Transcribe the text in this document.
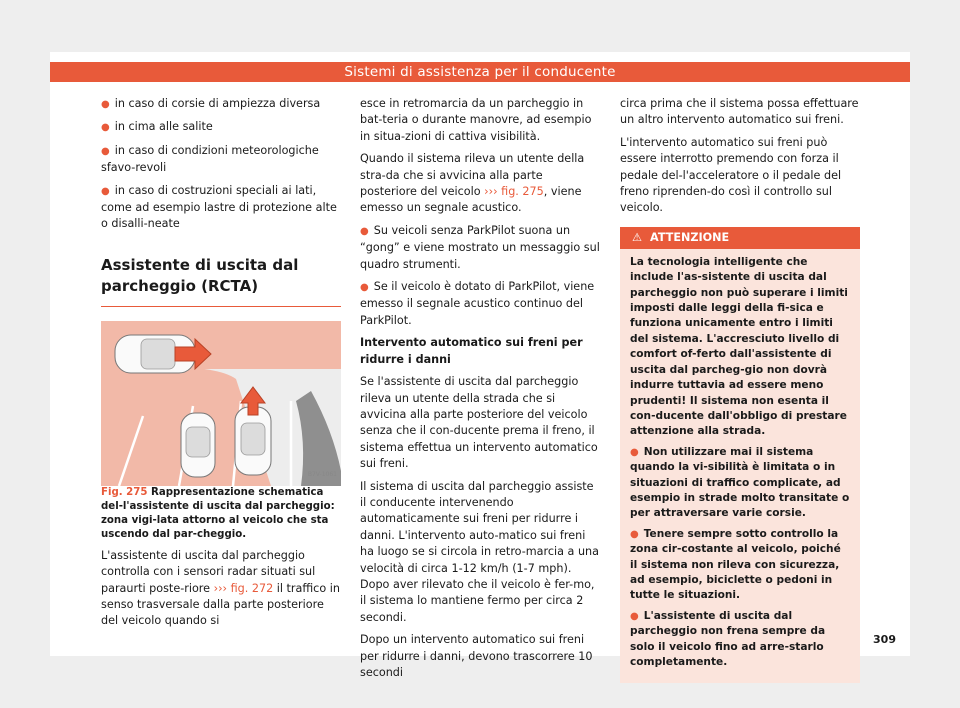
Sistemi di assistenza per il conducente

● in caso di corsie di ampiezza diversa

● in cima alle salite

● in caso di condizioni meteorologiche sfavo-revoli

● in caso di costruzioni speciali ai lati, come ad esempio lastre di protezione alte o disalli-neate

Assistente di uscita dal parcheggio (RCTA)
B7V-1061

Fig. 275 Rappresentazione schematica del-l'assistente di uscita dal parcheggio: zona vigi-lata attorno al veicolo che sta uscendo dal par-cheggio.

L'assistente di uscita dal parcheggio controlla con i sensori radar situati sul paraurti poste-riore ››› fig. 272 il traffico in senso trasversale dalla parte posteriore del veicolo quando si

esce in retromarcia da un parcheggio in bat-teria o durante manovre, ad esempio in situa-zioni di cattiva visibilità.

Quando il sistema rileva un utente della stra-da che si avvicina alla parte posteriore del veicolo ››› fig. 275, viene emesso un segnale acustico.

● Su veicoli senza ParkPilot suona un “gong” e viene mostrato un messaggio sul quadro strumenti.

● Se il veicolo è dotato di ParkPilot, viene emesso il segnale acustico continuo del ParkPilot.

Intervento automatico sui freni per ridurre i danni

Se l'assistente di uscita dal parcheggio rileva un utente della strada che si avvicina alla parte posteriore del veicolo senza che il con-ducente prema il freno, il sistema effettua un intervento automatico sui freni.

Il sistema di uscita dal parcheggio assiste il conducente intervenendo automaticamente sui freni per ridurre i danni. L'intervento auto-matico sui freni ha luogo se si circola in retro-marcia a una velocità di circa 1-12 km/h (1-7 mph). Dopo aver rilevato che il veicolo è fer-mo, il sistema lo mantiene fermo per circa 2 secondi.

Dopo un intervento automatico sui freni per ridurre i danni, devono trascorrere 10 secondi

circa prima che il sistema possa effettuare un altro intervento automatico sui freni.

L'intervento automatico sui freni può essere interrotto premendo con forza il pedale del-l'acceleratore o il pedale del freno riprenden-do così il controllo sul veicolo.

⚠ ATTENZIONE

La tecnologia intelligente che include l'as-sistente di uscita dal parcheggio non può superare i limiti imposti dalle leggi della fi-sica e funziona unicamente entro i limiti del sistema. L'accresciuto livello di comfort of-ferto dall'assistente di uscita dal parcheg-gio non dovrà indurre tuttavia ad essere meno prudenti! Il sistema non esenta il con-ducente dall'obbligo di prestare attenzione alla strada.

● Non utilizzare mai il sistema quando la vi-sibilità è limitata o in situazioni di traffico complicate, ad esempio in strade molto transitate o per attraversare varie corsie.

● Tenere sempre sotto controllo la zona cir-costante al veicolo, poiché il sistema non rileva con sicurezza, ad esempio, biciclette o pedoni in tutte le situazioni.

● L'assistente di uscita dal parcheggio non frena sempre da solo il veicolo fino ad arre-starlo completamente.

309
